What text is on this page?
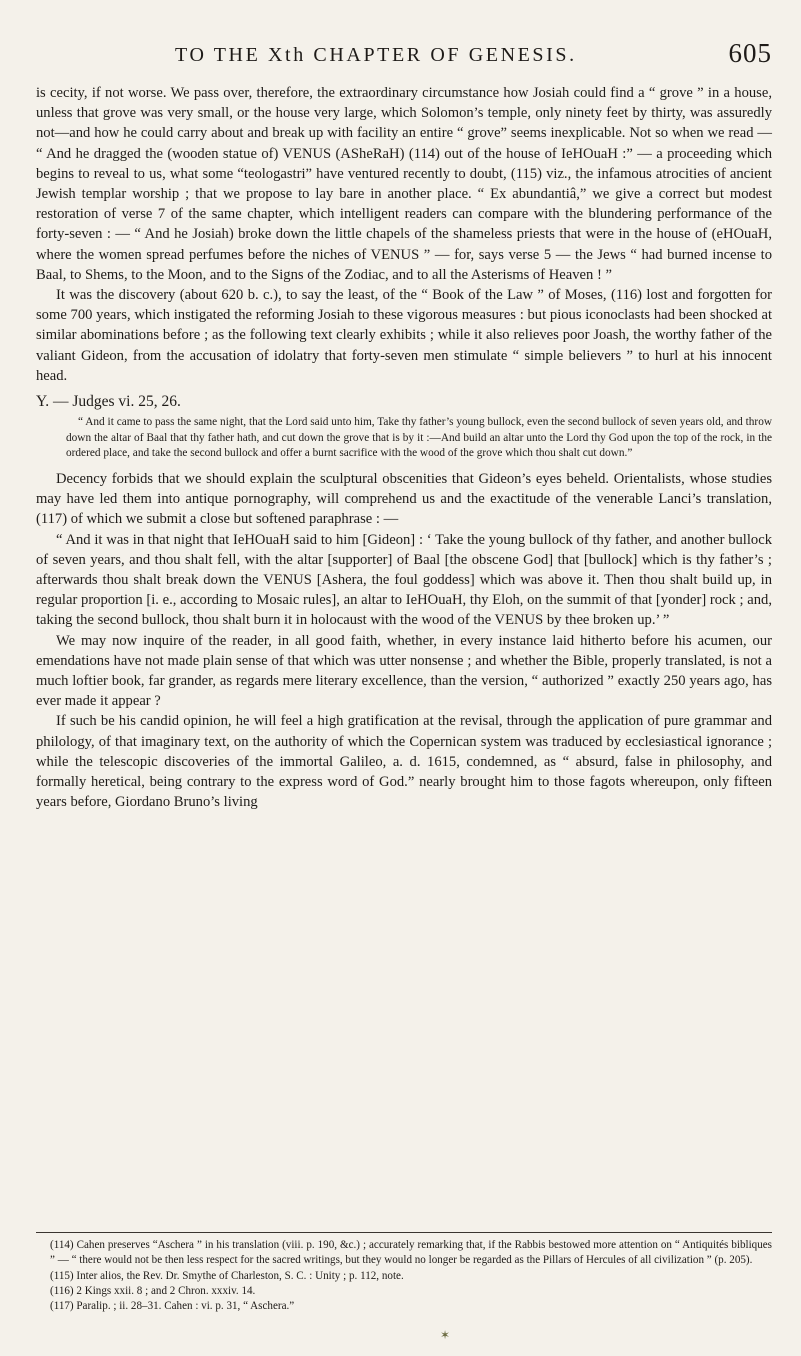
TO THE Xth CHAPTER OF GENESIS.	605

is cecity, if not worse. We pass over, therefore, the extraordinary circumstance how Josiah could find a “ grove ” in a house, unless that grove was very small, or the house very large, which Solomon’s temple, only ninety feet by thirty, was assuredly not—and how he could carry about and break up with facility an entire “ grove” seems inexplicable. Not so when we read — “ And he dragged the (wooden statue of) VENUS (AShеRaH) (114) out of the house of IeHOuaH :” — a proceeding which begins to reveal to us, what some “teologastri” have ventured recently to doubt, (115) viz., the infamous atrocities of ancient Jewish templar worship ; that we propose to lay bare in another place. “ Ex abundantiâ,” we give a correct but modest restoration of verse 7 of the same chapter, which intelligent readers can compare with the blundering performance of the forty-seven : — “ And he Josiah) broke down the little chapels of the shameless priests that were in the house of (eHOuaH, where the women spread perfumes before the niches of VENUS ” — for, says verse 5 — the Jews “ had burned incense to Baal, to Shems, to the Moon, and to the Signs of the Zodiac, and to all the Asterisms of Heaven ! ”

It was the discovery (about 620 b. c.), to say the least, of the “ Book of the Law ” of Moses, (116) lost and forgotten for some 700 years, which instigated the reforming Josiah to these vigorous measures : but pious iconoclasts had been shocked at similar abominations before ; as the following text clearly exhibits ; while it also relieves poor Joash, the worthy father of the valiant Gideon, from the accusation of idolatry that forty-seven men stimulate “ simple believers ” to hurl at his innocent head.

Y. — Judges vi. 25, 26.

“ And it came to pass the same night, that the Lord said unto him, Take thy father’s young bullock, even the second bullock of seven years old, and throw down the altar of Baal that thy father hath, and cut down the grove that is by it :—And build an altar unto the Lord thy God upon the top of the rock, in the ordered place, and take the second bullock and offer a burnt sacrifice with the wood of the grove which thou shalt cut down.”

Decency forbids that we should explain the sculptural obscenities that Gideon’s eyes beheld. Orientalists, whose studies may have led them into antique pornography, will comprehend us and the exactitude of the venerable Lanci’s translation, (117) of which we submit a close but softened paraphrase : —

“ And it was in that night that IeHOuaH said to him [Gideon] : ‘ Take the young bullock of thy father, and another bullock of seven years, and thou shalt fell, with the altar [supporter] of Baal [the obscene God] that [bullock] which is thy father’s ; afterwards thou shalt break down the VENUS [Ashera, the foul goddess] which was above it. Then thou shalt build up, in regular proportion [i. e., according to Mosaic rules], an altar to IeHOuaH, thy Eloh, on the summit of that [yonder] rock ; and, taking the second bullock, thou shalt burn it in holocaust with the wood of the VENUS by thee broken up.’ ”

We may now inquire of the reader, in all good faith, whether, in every instance laid hitherto before his acumen, our emendations have not made plain sense of that which was utter nonsense ; and whether the Bible, properly translated, is not a much loftier book, far grander, as regards mere literary excellence, than the version, “ authorized ” exactly 250 years ago, has ever made it appear ?

If such be his candid opinion, he will feel a high gratification at the revisal, through the application of pure grammar and philology, of that imaginary text, on the authority of which the Copernican system was traduced by ecclesiastical ignorance ; while the telescopic discoveries of the immortal Galileo, a. d. 1615, condemned, as “ absurd, false in philosophy, and formally heretical, being contrary to the express word of God.” nearly brought him to those fagots whereupon, only fifteen years before, Giordano Bruno’s living

(114) Cahen preserves “Aschera ” in his translation (viii. p. 190, &c.) ; accurately remarking that, if the Rabbis bestowed more attention on “ Antiquités bibliques ” — “ there would not be then less respect for the sacred writings, but they would no longer be regarded as the Pillars of Hercules of all civilization ” (p. 205).

(115) Inter alios, the Rev. Dr. Smythe of Charleston, S. C. : Unity ; p. 112, note.

(116) 2 Kings xxii. 8 ; and 2 Chron. xxxiv. 14.

(117) Paralip. ; ii. 28–31. Cahen : vi. p. 31, “ Aschera.”

✶
